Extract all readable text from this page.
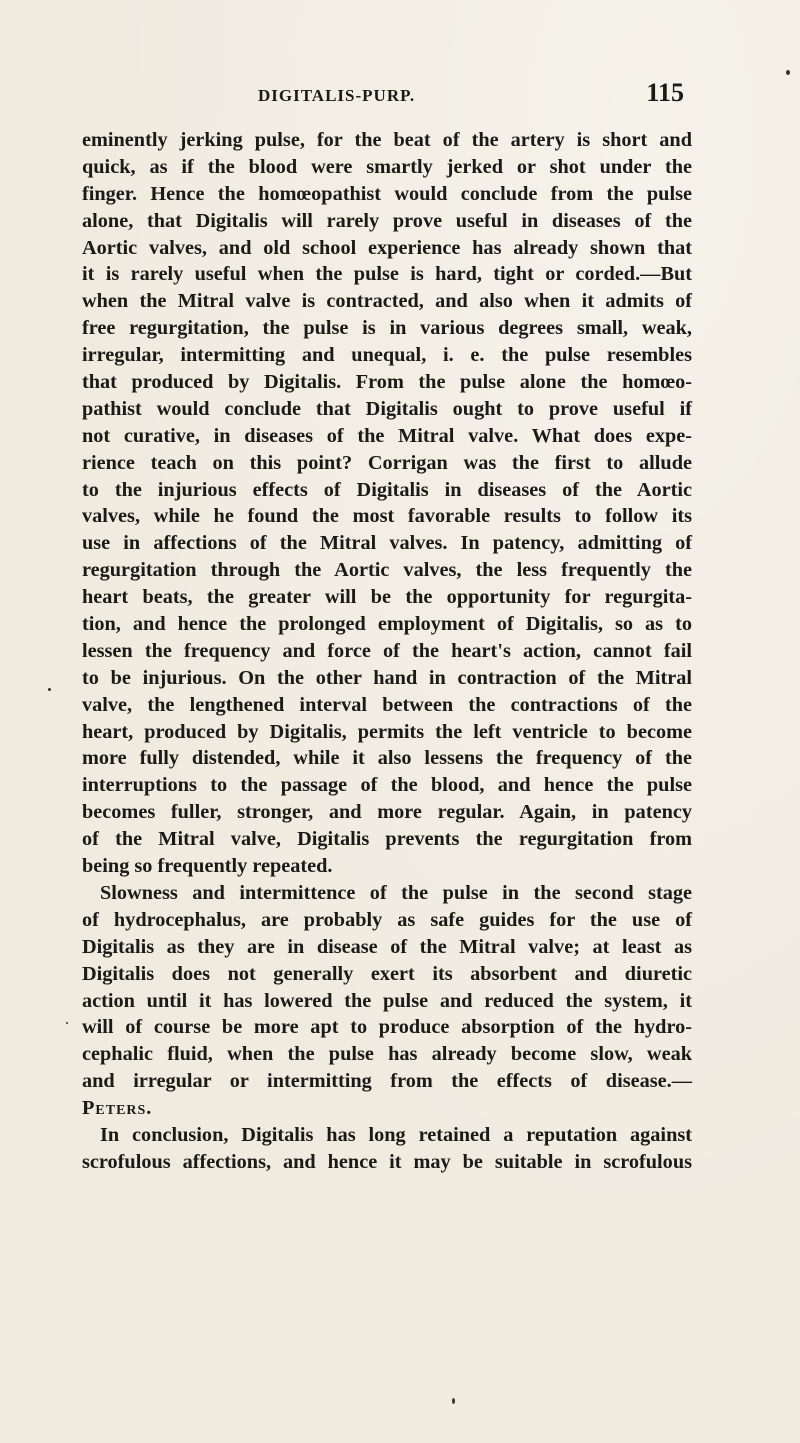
DIGITALIS-PURP.	115
eminently jerking pulse, for the beat of the artery is short and
quick, as if the blood were smartly jerked or shot under the
finger. Hence the homœopathist would conclude from the pulse
alone, that Digitalis will rarely prove useful in diseases of the
Aortic valves, and old school experience has already shown that
it is rarely useful when the pulse is hard, tight or corded.—But
when the Mitral valve is contracted, and also when it admits of
free regurgitation, the pulse is in various degrees small, weak,
irregular, intermitting and unequal, i. e. the pulse resembles
that produced by Digitalis. From the pulse alone the homœo-
pathist would conclude that Digitalis ought to prove useful if
not curative, in diseases of the Mitral valve. What does expe-
rience teach on this point? Corrigan was the first to allude
to the injurious effects of Digitalis in diseases of the Aortic
valves, while he found the most favorable results to follow its
use in affections of the Mitral valves. In patency, admitting of
regurgitation through the Aortic valves, the less frequently the
heart beats, the greater will be the opportunity for regurgita-
tion, and hence the prolonged employment of Digitalis, so as to
lessen the frequency and force of the heart's action, cannot fail
to be injurious. On the other hand in contraction of the Mitral
valve, the lengthened interval between the contractions of the
heart, produced by Digitalis, permits the left ventricle to become
more fully distended, while it also lessens the frequency of the
interruptions to the passage of the blood, and hence the pulse
becomes fuller, stronger, and more regular. Again, in patency
of the Mitral valve, Digitalis prevents the regurgitation from
being so frequently repeated.
Slowness and intermittence of the pulse in the second stage
of hydrocephalus, are probably as safe guides for the use of
Digitalis as they are in disease of the Mitral valve; at least as
Digitalis does not generally exert its absorbent and diuretic
action until it has lowered the pulse and reduced the system, it
will of course be more apt to produce absorption of the hydro-
cephalic fluid, when the pulse has already become slow, weak
and irregular or intermitting from the effects of disease.—
Peters.
In conclusion, Digitalis has long retained a reputation against
scrofulous affections, and hence it may be suitable in scrofulous
